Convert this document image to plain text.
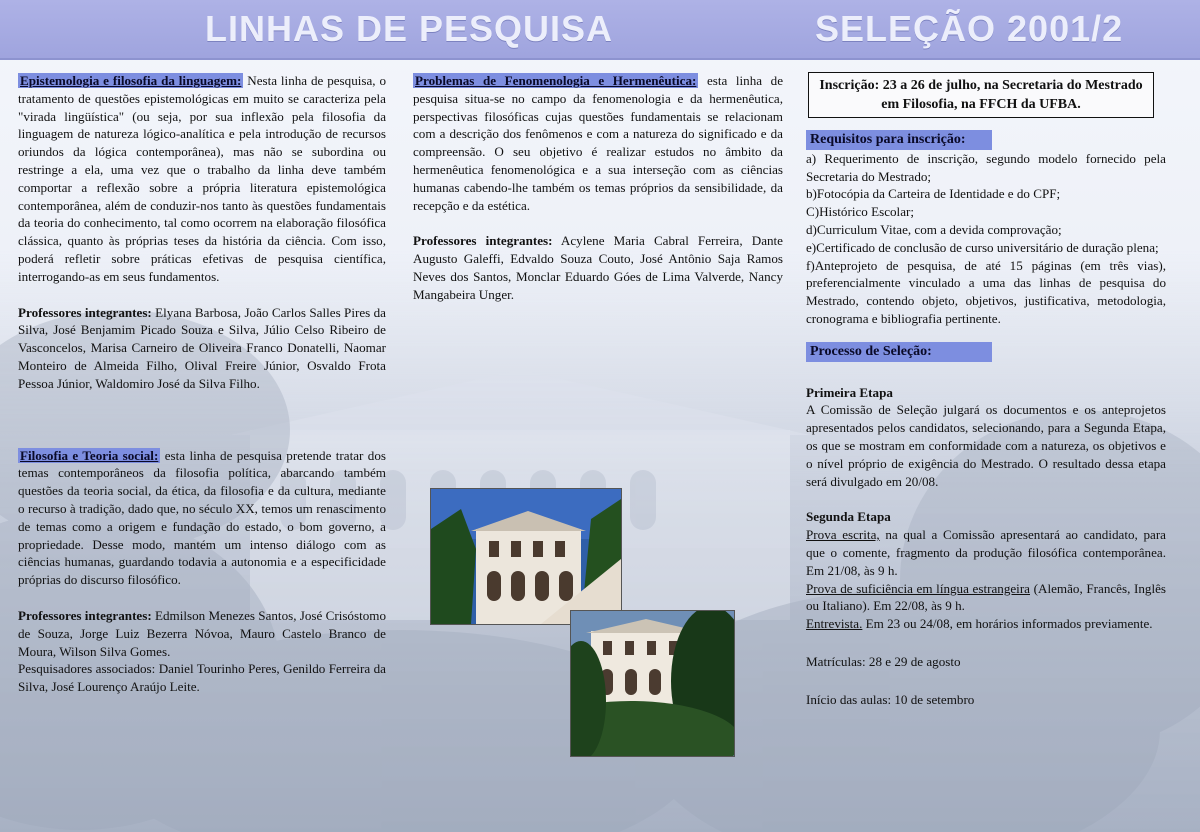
LINHAS DE PESQUISA	SELEÇÃO 2001/2

Epistemologia e filosofia da linguagem: Nesta linha de pesquisa, o tratamento de questões epistemológicas em muito se caracteriza pela "virada lingüística" (ou seja, por sua inflexão pela filosofia da linguagem de natureza lógico-analítica e pela introdução de recursos oriundos da lógica contemporânea), mas não se subordina ou restringe a ela, uma vez que o trabalho da linha deve também comportar a reflexão sobre a própria literatura epistemológica contemporânea, além de conduzir-nos tanto às questões fundamentais da teoria do conhecimento, tal como ocorrem na elaboração filosófica clássica, quanto às próprias teses da história da ciência. Com isso, poderá refletir sobre práticas efetivas de pesquisa científica, interrogando-as em seus fundamentos.

Professores integrantes: Elyana Barbosa, João Carlos Salles Pires da Silva, José Benjamim Picado Souza e Silva, Júlio Celso Ribeiro de Vasconcelos, Marisa Carneiro de Oliveira Franco Donatelli, Naomar Monteiro de Almeida Filho, Olival Freire Júnior, Osvaldo Frota Pessoa Júnior, Waldomiro José da Silva Filho.

Filosofia e Teoria social: esta linha de pesquisa pretende tratar dos temas contemporâneos da filosofia política, abarcando também questões da teoria social, da ética, da filosofia e da cultura, mediante o recurso à tradição, dado que, no século XX, temos um renascimento de temas como a origem e fundação do estado, o bom governo, a propriedade. Desse modo, mantém um intenso diálogo com as ciências humanas, guardando todavia a autonomia e a especificidade próprias do discurso filosófico.

Professores integrantes: Edmilson Menezes Santos, José Crisóstomo de Souza, Jorge Luiz Bezerra Nóvoa, Mauro Castelo Branco de Moura, Wilson Silva Gomes.

Pesquisadores associados: Daniel Tourinho Peres, Genildo Ferreira da Silva, José Lourenço Araújo Leite.

Problemas de Fenomenologia e Hermenêutica: esta linha de pesquisa situa-se no campo da fenomenologia e da hermenêutica, perspectivas filosóficas cujas questões fundamentais se relacionam com a descrição dos fenômenos e com a natureza do significado e da compreensão. O seu objetivo é realizar estudos no âmbito da hermenêutica fenomenológica e a sua interseção com as ciências humanas cabendo-lhe também os temas próprios da sensibilidade, da recepção e da estética.

Professores integrantes: Acylene Maria Cabral Ferreira, Dante Augusto Galeffi, Edvaldo Souza Couto, José Antônio Saja Ramos Neves dos Santos, Monclar Eduardo Góes de Lima Valverde, Nancy Mangabeira Unger.

Inscrição: 23 a 26 de julho, na Secretaria do Mestrado em Filosofia, na FFCH da UFBA.
Requisitos para inscrição:

a) Requerimento de inscrição, segundo modelo fornecido pela Secretaria do Mestrado;

b)Fotocópia da Carteira de Identidade e do CPF;

C)Histórico Escolar;

d)Curriculum Vitae, com a devida comprovação;

e)Certificado de conclusão de curso universitário de duração plena;

f)Anteprojeto de pesquisa, de até 15 páginas (em três vias), preferencialmente vinculado a uma das linhas de pesquisa do Mestrado, contendo objeto, objetivos, justificativa, metodologia, cronograma e bibliografia pertinente.

Processo de Seleção:

Primeira Etapa

A Comissão de Seleção julgará os documentos e os anteprojetos apresentados pelos candidatos, selecionando, para a Segunda Etapa, os que se mostram em conformidade com a natureza, os objetivos e o nível próprio de exigência do Mestrado. O resultado dessa etapa será divulgado em 20/08.

Segunda Etapa

Prova escrita, na qual a Comissão apresentará ao candidato, para que o comente, fragmento da produção filosófica contemporânea. Em 21/08, às 9 h.

Prova de suficiência em língua estrangeira (Alemão, Francês, Inglês ou Italiano). Em 22/08, às 9 h.

Entrevista. Em 23 ou 24/08, em horários informados previamente.

Matrículas: 28 e 29 de agosto

Início das aulas: 10 de setembro
